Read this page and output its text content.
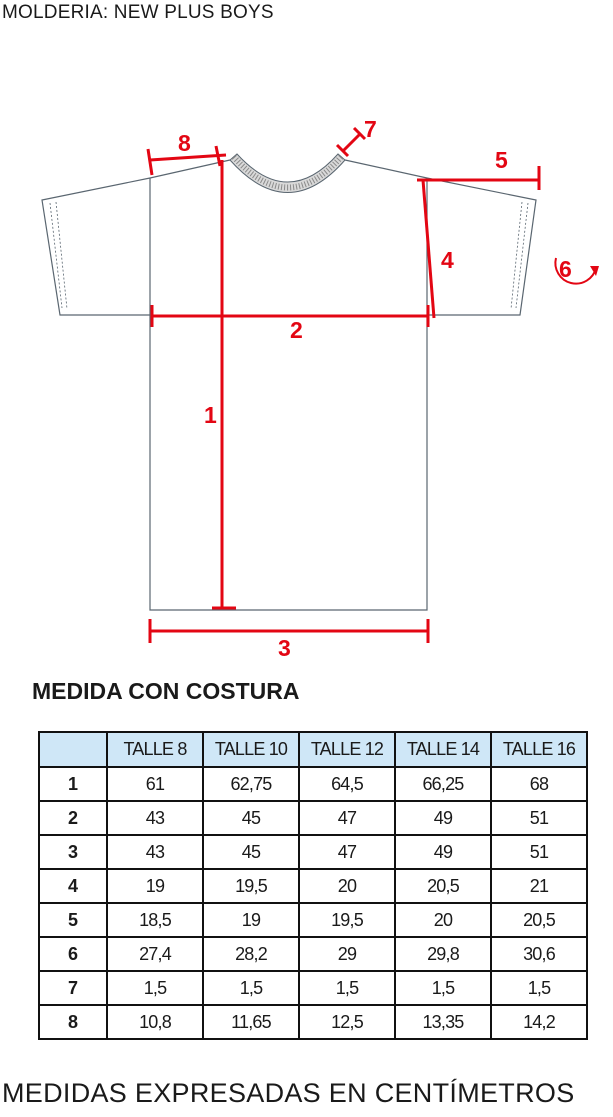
MOLDERIA: NEW PLUS BOYS
1
2
3
4
5
6
7
8
MEDIDA CON COSTURA
	TALLE 8	TALLE 10	TALLE 12	TALLE 14	TALLE 16
1	61	62,75	64,5	66,25	68
2	43	45	47	49	51
3	43	45	47	49	51
4	19	19,5	20	20,5	21
5	18,5	19	19,5	20	20,5
6	27,4	28,2	29	29,8	30,6
7	1,5	1,5	1,5	1,5	1,5
8	10,8	11,65	12,5	13,35	14,2
MEDIDAS EXPRESADAS EN CENTÍMETROS
